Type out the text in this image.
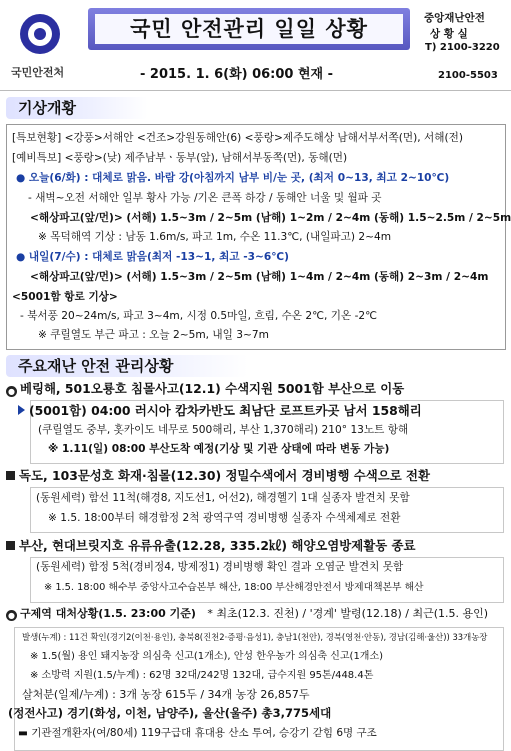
국민안전처
국민 안전관리 일일 상황
- 2015. 1. 6(화) 06:00 현재 -
중앙재난안전
상 황 실
T) 2100-3220
2100-5503
기상개황
[특보현황] <강풍>서해안 <건조>강원동해안(6) <풍랑>제주도해상 남해서부서쪽(먼), 서해(전)
[예비특보] <풍랑>(낮) 제주남부ㆍ동부(앞), 남해서부동쪽(먼), 동해(먼)
● 오늘(6/화) : 대체로 맑음. 바람 강(아침까지 남부 비/눈 곳, (최저 0~13, 최고 2~10℃)
- 새벽~오전 서해안 일부 황사 가능 /기온 큰폭 하강 / 동해안 너울 및 월파 곳
<해상파고(앞/먼)> (서해) 1.5~3m / 2~5m (남해) 1~2m / 2~4m (동해) 1.5~2.5m / 2~5m
※ 목덕해역 기상 : 남동 1.6m/s, 파고 1m, 수온 11.3℃, (내일파고) 2~4m
● 내일(7/수) : 대체로 맑음(최저 -13~1, 최고 -3~6℃)
<해상파고(앞/먼)> (서해) 1.5~3m / 2~5m (남해) 1~4m / 2~4m (동해) 2~3m / 2~4m
<5001함 항로 기상>
- 북서풍 20~24m/s, 파고 3~4m, 시정 0.5마일, 흐림, 수온 2℃, 기온 -2℃
※ 쿠릴열도 부근 파고 : 오늘 2~5m, 내일 3~7m
주요재난 안전 관리상황
● 베링해, 501오룡호 침몰사고(12.1) 수색지원 5001함 부산으로 이동
(5001함) 04:00 러시아 캄차카반도 최남단 로프트카곳 남서 158해리
(쿠릴열도 중부, 홋카이도 네무로 500해리, 부산 1,370해리) 210° 13노트 항해
※ 1.11(일) 08:00 부산도착 예정(기상 및 기관 상태에 따라 변동 가능)
독도, 103문성호 화재·침몰(12.30) 정밀수색에서 경비병행 수색으로 전환
(동원세력) 함선 11척(해경8, 지도선1, 어선2), 해경헬기 1대 실종자 발견치 못함
※ 1.5. 18:00부터 해경함정 2척 광역구역 경비병행 실종자 수색체제로 전환
부산, 현대브릿지호 유류유출(12.28, 335.2㎘) 해양오염방제활동 종료
(동원세력) 함정 5척(경비정4, 방제정1) 경비병행 확인 결과 오염군 발견치 못함
※ 1.5. 18:00 해수부 중앙사고수습본부 해산, 18:00 부산해경안전서 방제대책본부 해산
● 구제역 대처상황(1.5. 23:00 기준) * 최초(12.3. 진천) / '경계' 발령(12.18) / 최근(1.5. 용인)
발생(누계) : 11건 확인(경기2(이천·용인), 충북8(진천2·증평·음성1), 충남1(천안), 경북(영천·안동), 경남(김해·울산)) 33개농장
※ 1.5(월) 용인 돼지농장 의심축 신고(1개소), 안성 한우농가 의심축 신고(1개소)
※ 소방력 지원(1.5/누계) : 62명 32대/242명 132대, 급수지원 95톤/448.4톤
살처분(일제/누계) : 3개 농장 615두 / 34개 농장 26,857두
(정전사고) 경기(화성, 이천, 남양주), 울산(울주) 총3,775세대
▬ 기관절개환자(여/80세) 119구급대 휴대용 산소 투여, 승강기 갇힘 6명 구조
